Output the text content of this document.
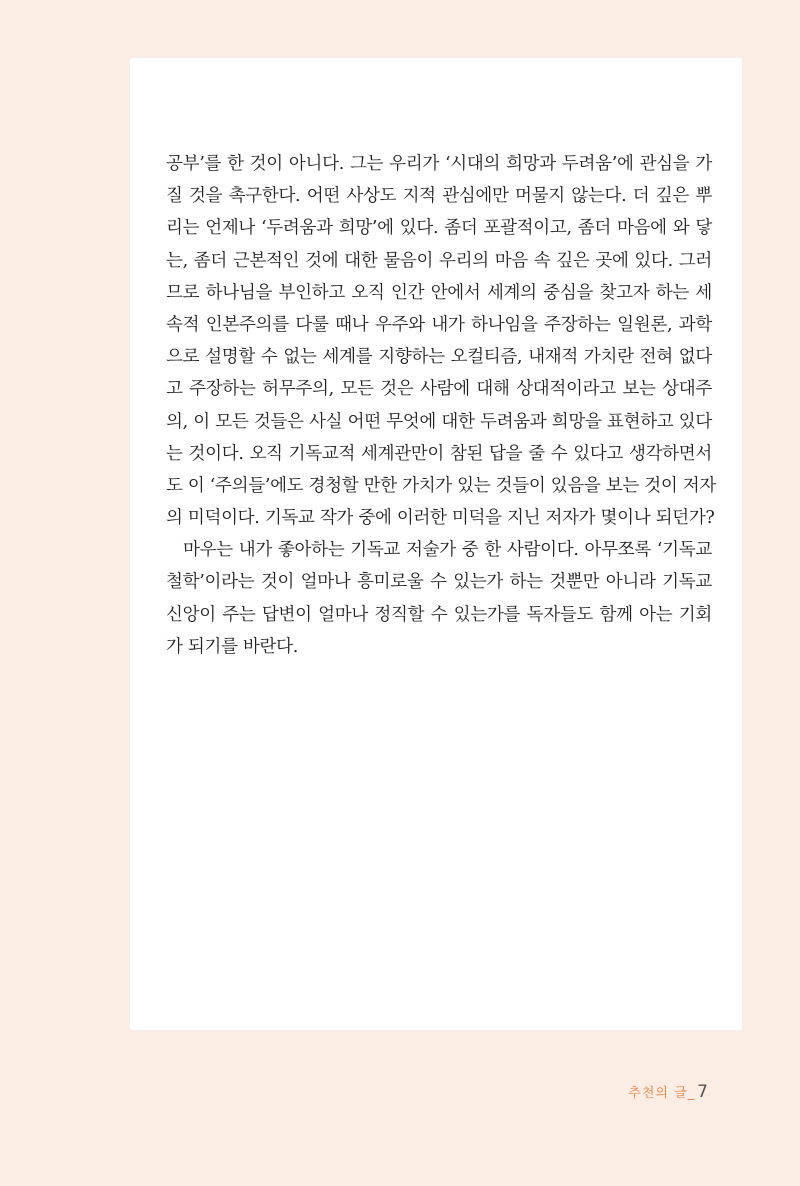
공부’를 한 것이 아니다. 그는 우리가 ‘시대의 희망과 두려움’에 관심을 가
질 것을 촉구한다. 어떤 사상도 지적 관심에만 머물지 않는다. 더 깊은 뿌
리는 언제나 ‘두려움과 희망’에 있다. 좀더 포괄적이고, 좀더 마음에 와 닿
는, 좀더 근본적인 것에 대한 물음이 우리의 마음 속 깊은 곳에 있다. 그러
므로 하나님을 부인하고 오직 인간 안에서 세계의 중심을 찾고자 하는 세
속적 인본주의를 다룰 때나 우주와 내가 하나임을 주장하는 일원론, 과학
으로 설명할 수 없는 세계를 지향하는 오컬티즘, 내재적 가치란 전혀 없다
고 주장하는 허무주의, 모든 것은 사람에 대해 상대적이라고 보는 상대주
의, 이 모든 것들은 사실 어떤 무엇에 대한 두려움과 희망을 표현하고 있다
는 것이다. 오직 기독교적 세계관만이 참된 답을 줄 수 있다고 생각하면서
도 이 ‘주의들’에도 경청할 만한 가치가 있는 것들이 있음을 보는 것이 저자
의 미덕이다. 기독교 작가 중에 이러한 미덕을 지닌 저자가 몇이나 되던가?
마우는 내가 좋아하는 기독교 저술가 중 한 사람이다. 아무쪼록 ‘기독교
철학’이라는 것이 얼마나 흥미로울 수 있는가 하는 것뿐만 아니라 기독교
신앙이 주는 답변이 얼마나 정직할 수 있는가를 독자들도 함께 아는 기회
가 되기를 바란다.
추천의 글 _ 7
